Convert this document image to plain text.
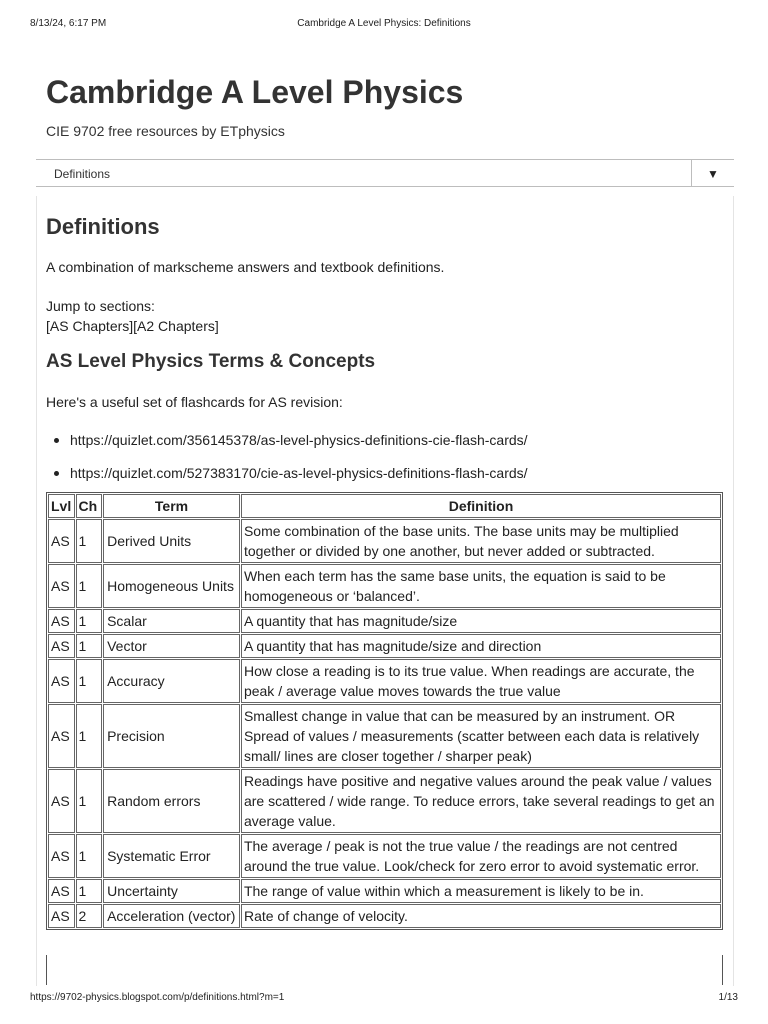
8/13/24, 6:17 PM	Cambridge A Level Physics: Definitions
Cambridge A Level Physics
CIE 9702 free resources by ETphysics
Definitions	▼
Definitions
A combination of markscheme answers and textbook definitions.
Jump to sections:
[AS Chapters][A2 Chapters]
AS Level Physics Terms & Concepts
Here's a useful set of flashcards for AS revision:
https://quizlet.com/356145378/as-level-physics-definitions-cie-flash-cards/
https://quizlet.com/527383170/cie-as-level-physics-definitions-flash-cards/
Lvl	Ch	Term	Definition
AS	1	Derived Units	Some combination of the base units. The base units may be multiplied together or divided by one another, but never added or subtracted.
AS	1	Homogeneous Units	When each term has the same base units, the equation is said to be homogeneous or ‘balanced’.
AS	1	Scalar	A quantity that has magnitude/size
AS	1	Vector	A quantity that has magnitude/size and direction
AS	1	Accuracy	How close a reading is to its true value. When readings are accurate, the peak / average value moves towards the true value
AS	1	Precision	Smallest change in value that can be measured by an instrument. OR Spread of values / measurements (scatter between each data is relatively small/ lines are closer together / sharper peak)
AS	1	Random errors	Readings have positive and negative values around the peak value / values are scattered / wide range. To reduce errors, take several readings to get an average value.
AS	1	Systematic Error	The average / peak is not the true value / the readings are not centred around the true value. Look/check for zero error to avoid systematic error.
AS	1	Uncertainty	The range of value within which a measurement is likely to be in.
AS	2	Acceleration (vector)	Rate of change of velocity.
https://9702-physics.blogspot.com/p/definitions.html?m=1	1/13
